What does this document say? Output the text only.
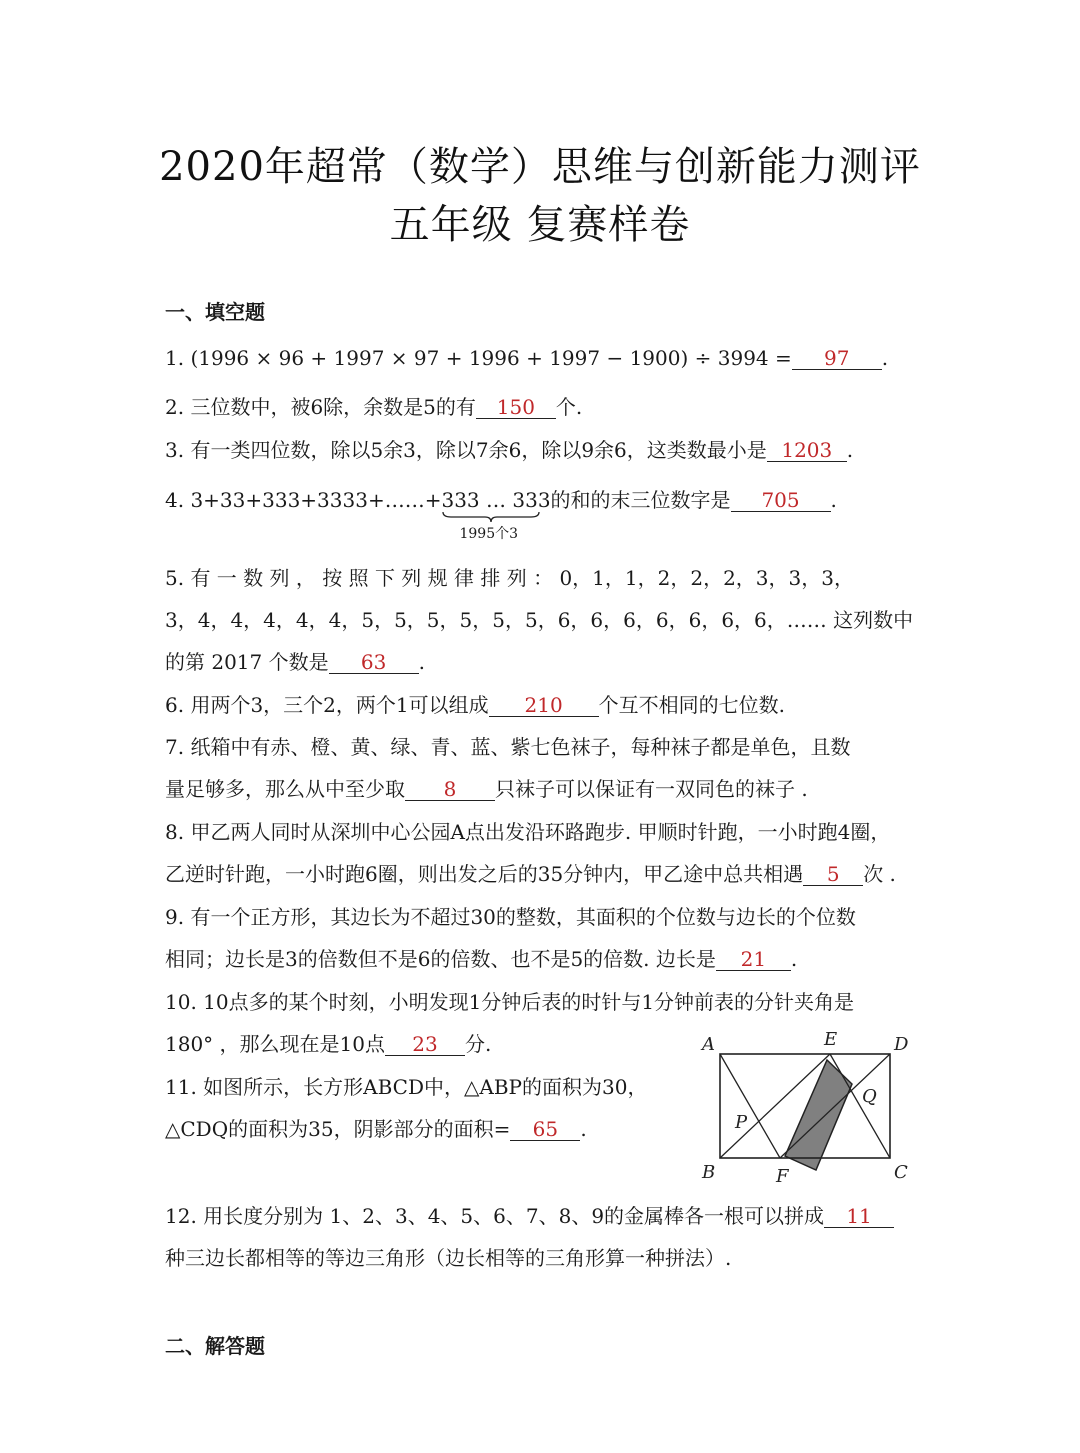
2020年超常（数学）思维与创新能力测评
五年级 复赛样卷
一、填空题
1. (1996 × 96 + 1997 × 97 + 1996 + 1997 − 1900) ÷ 3994 = 97 .
2. 三位数中，被6除，余数是5的有 150 个.
3. 有一类四位数，除以5余3，除以7余6，除以9余6，这类数最小是 1203 .
4. 3+33+333+3333+……+333 … 333
1995个3
的和的末三位数字是 705 .
5. 有 一 数 列 ， 按 照 下 列 规 律 排 列 ： 0，1，1，2，2，2，3，3，3，
3，4，4，4，4，4，5，5，5，5，5，5，6，6，6，6，6，6，6，…… 这列数中
的第 2017 个数是 63 .
6. 用两个3，三个2，两个1可以组成 210 个互不相同的七位数.
7. 纸箱中有赤、橙、黄、绿、青、蓝、紫七色袜子，每种袜子都是单色，且数
量足够多，那么从中至少取 8 只袜子可以保证有一双同色的袜子 .
8. 甲乙两人同时从深圳中心公园A点出发沿环路跑步. 甲顺时针跑，一小时跑4圈，
乙逆时针跑，一小时跑6圈，则出发之后的35分钟内，甲乙途中总共相遇 5 次 .
9. 有一个正方形，其边长为不超过30的整数，其面积的个位数与边长的个位数
相同；边长是3的倍数但不是6的倍数、也不是5的倍数. 边长是 21 .
10. 10点多的某个时刻，小明发现1分钟后表的时针与1分钟前表的分针夹角是
180° ，那么现在是10点 23 分.
11. 如图所示，长方形ABCD中，△ABP的面积为30，
△CDQ的面积为35，阴影部分的面积= 65 .
A
B	C
D
E
F
P
Q
12. 用长度分别为 1、2、3、4、5、6、7、8、9的金属棒各一根可以拼成 11
种三边长都相等的等边三角形（边长相等的三角形算一种拼法）.
二、解答题
